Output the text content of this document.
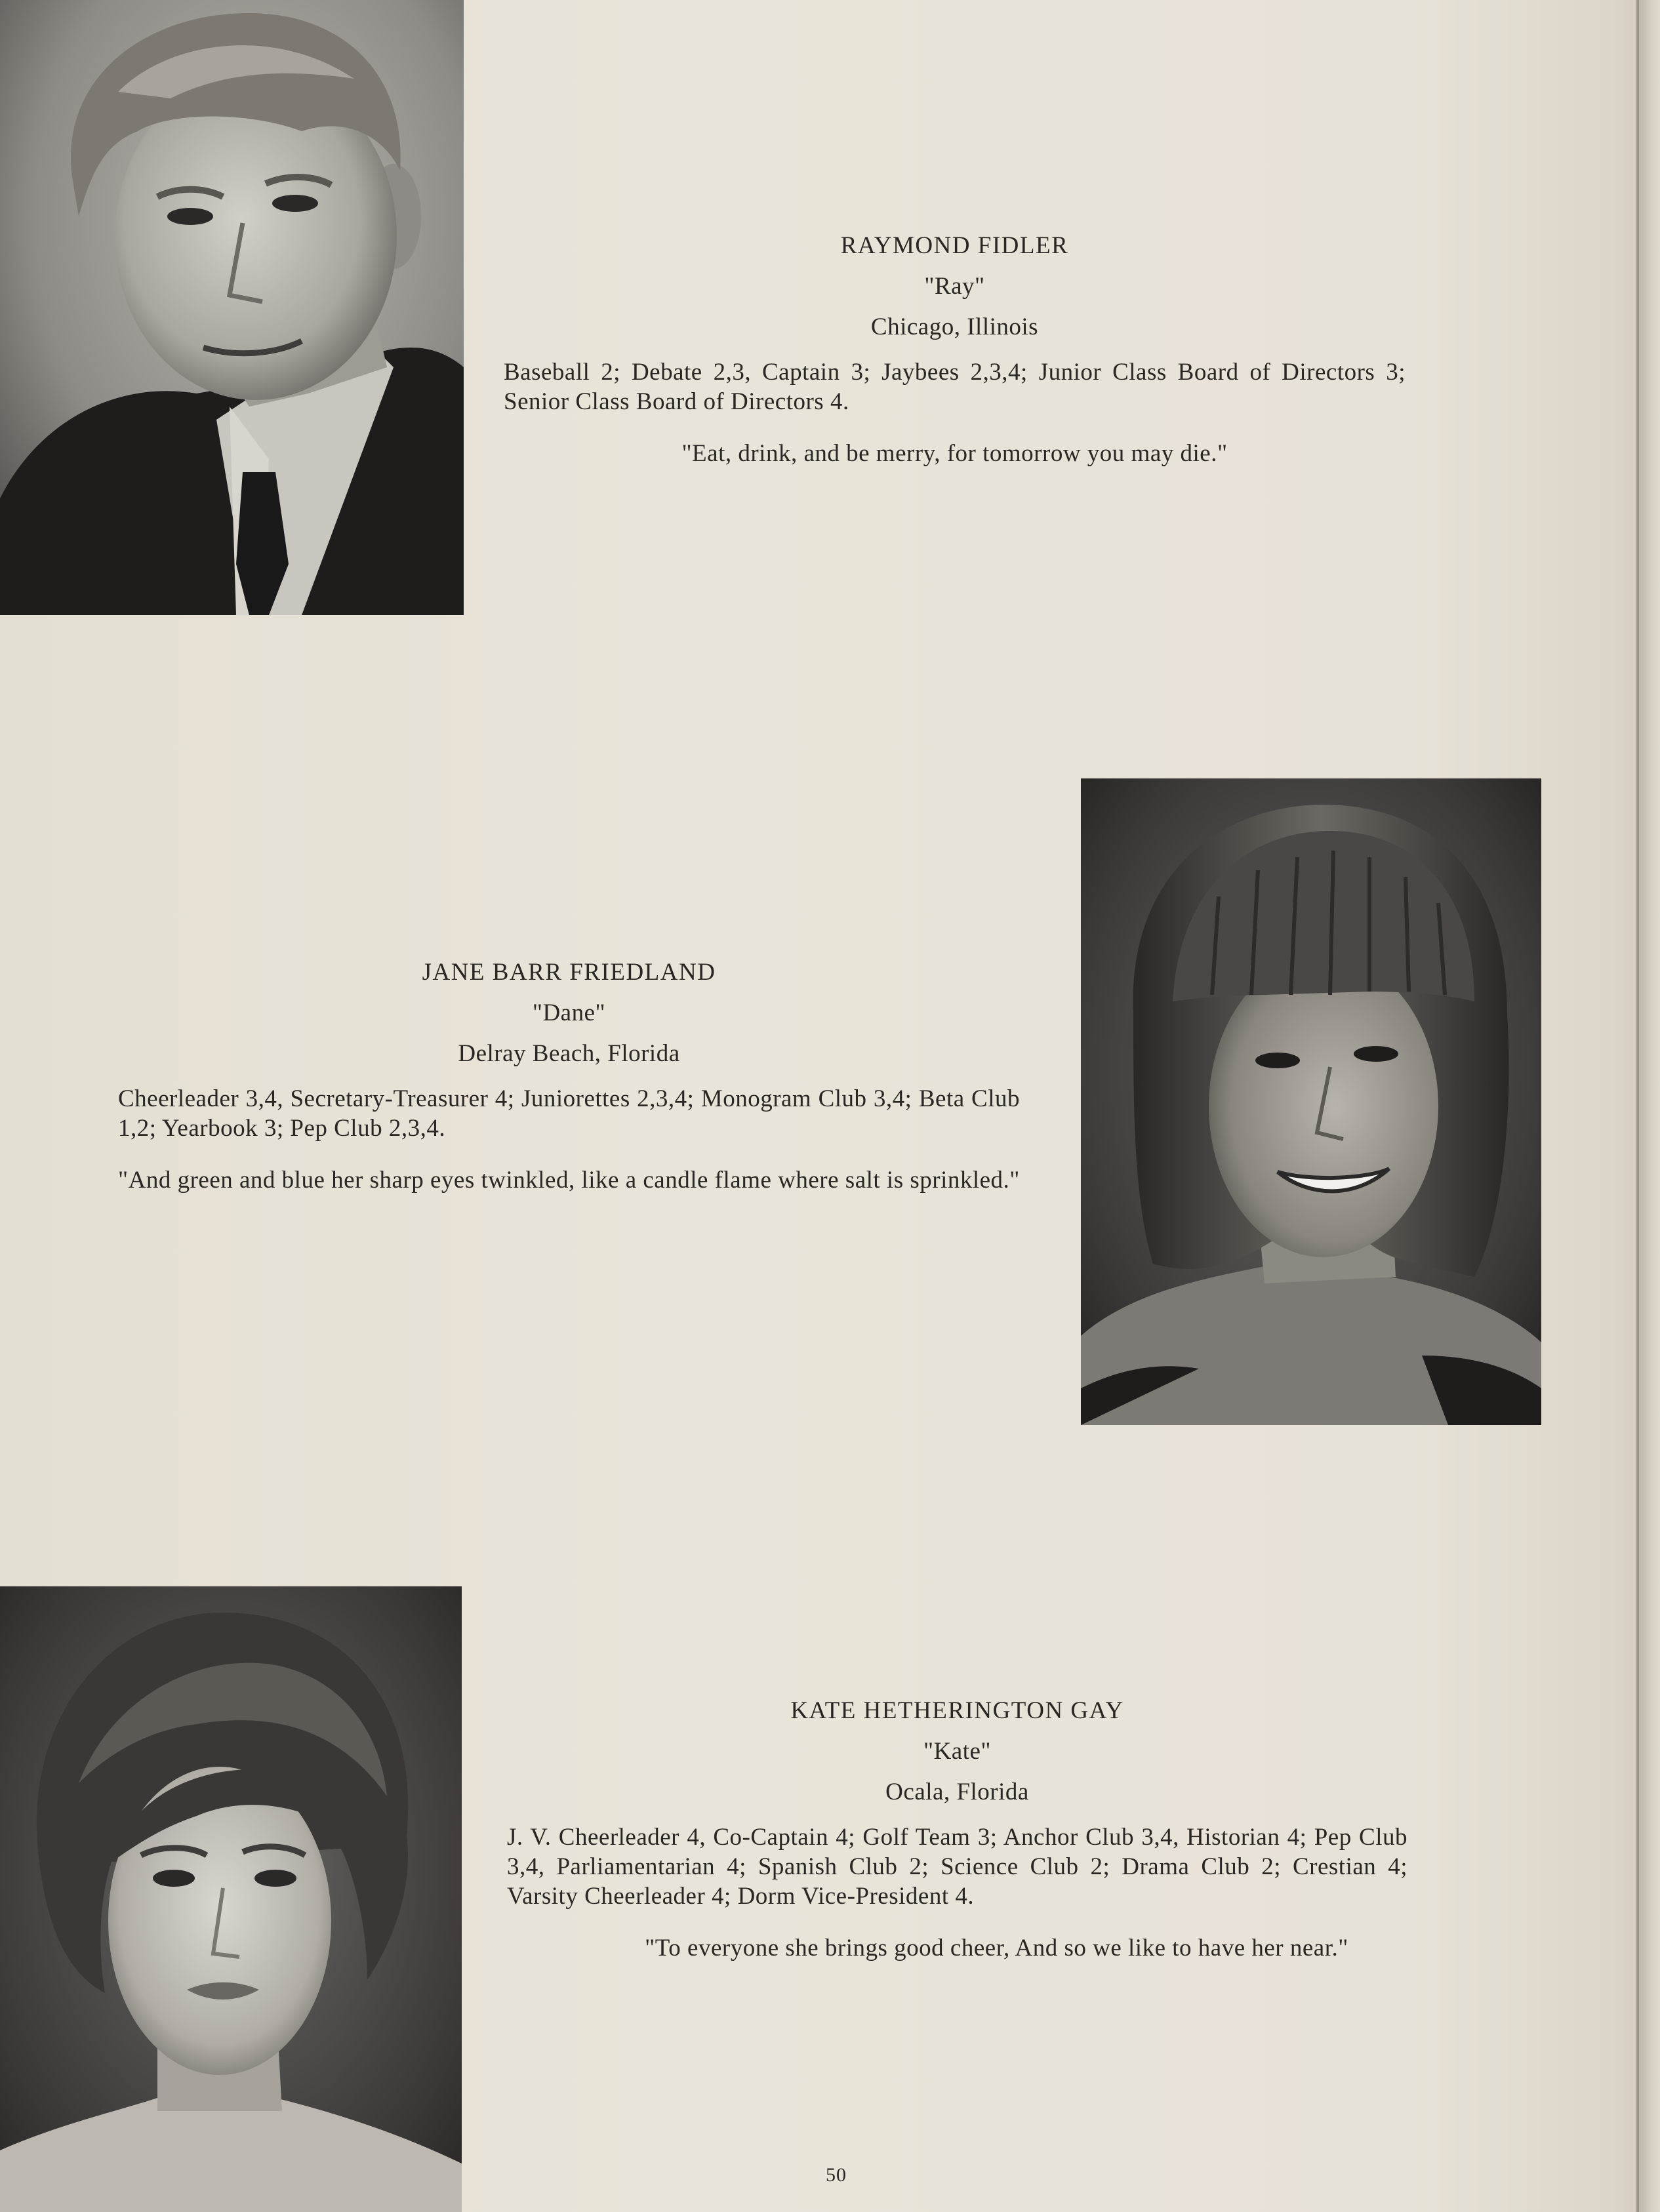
RAYMOND FIDLER
"Ray"
Chicago, Illinois
Baseball 2; Debate 2,3, Captain 3; Jaybees 2,3,4; Junior Class Board of Directors 3; Senior Class Board of Directors 4.
"Eat, drink, and be merry, for tomorrow you may die."
JANE BARR FRIEDLAND
"Dane"
Delray Beach, Florida
Cheerleader 3,4, Secretary-Treasurer 4; Juniorettes 2,3,4; Monogram Club 3,4; Beta Club 1,2; Yearbook 3; Pep Club 2,3,4.
"And green and blue her sharp eyes twinkled, like a candle flame where salt is sprinkled."
KATE HETHERINGTON GAY
"Kate"
Ocala, Florida
J. V. Cheerleader 4, Co-Captain 4; Golf Team 3; Anchor Club 3,4, Historian 4; Pep Club 3,4, Parliamentarian 4; Spanish Club 2; Science Club 2; Drama Club 2; Crestian 4; Varsity Cheerleader 4; Dorm Vice-President 4.
"To everyone she brings good cheer, And so we like to have her near."
50
